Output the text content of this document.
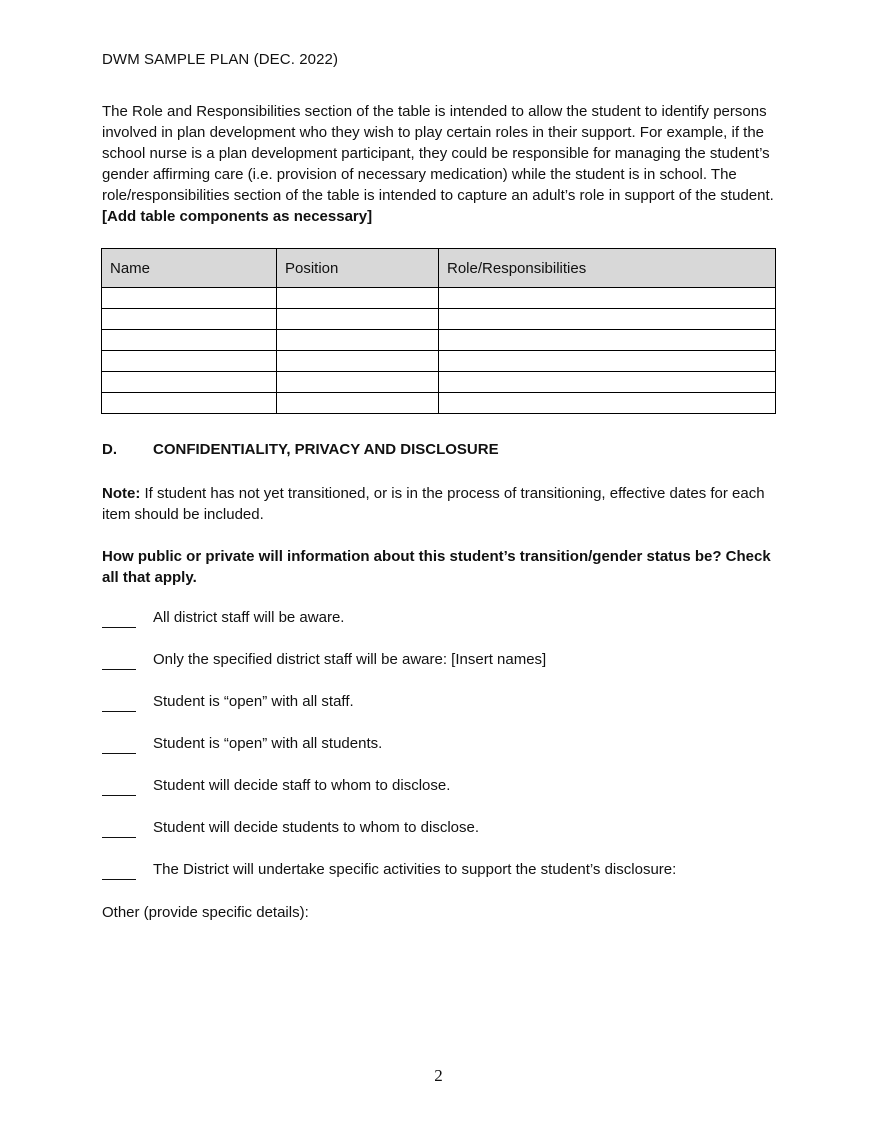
DWM SAMPLE PLAN (DEC. 2022)
The Role and Responsibilities section of the table is intended to allow the student to identify persons involved in plan development who they wish to play certain roles in their support. For example, if the school nurse is a plan development participant, they could be responsible for managing the student’s gender affirming care (i.e. provision of necessary medication) while the student is in school. The role/responsibilities section of the table is intended to capture an adult’s role in support of the student. [Add table components as necessary]
Name	Position	Role/Responsibilities

D. CONFIDENTIALITY, PRIVACY AND DISCLOSURE
Note: If student has not yet transitioned, or is in the process of transitioning, effective dates for each item should be included.
How public or private will information about this student’s transition/gender status be? Check all that apply.
All district staff will be aware.
Only the specified district staff will be aware: [Insert names]
Student is “open” with all staff.
Student is “open” with all students.
Student will decide staff to whom to disclose.
Student will decide students to whom to disclose.
The District will undertake specific activities to support the student’s disclosure:
Other (provide specific details):
2
